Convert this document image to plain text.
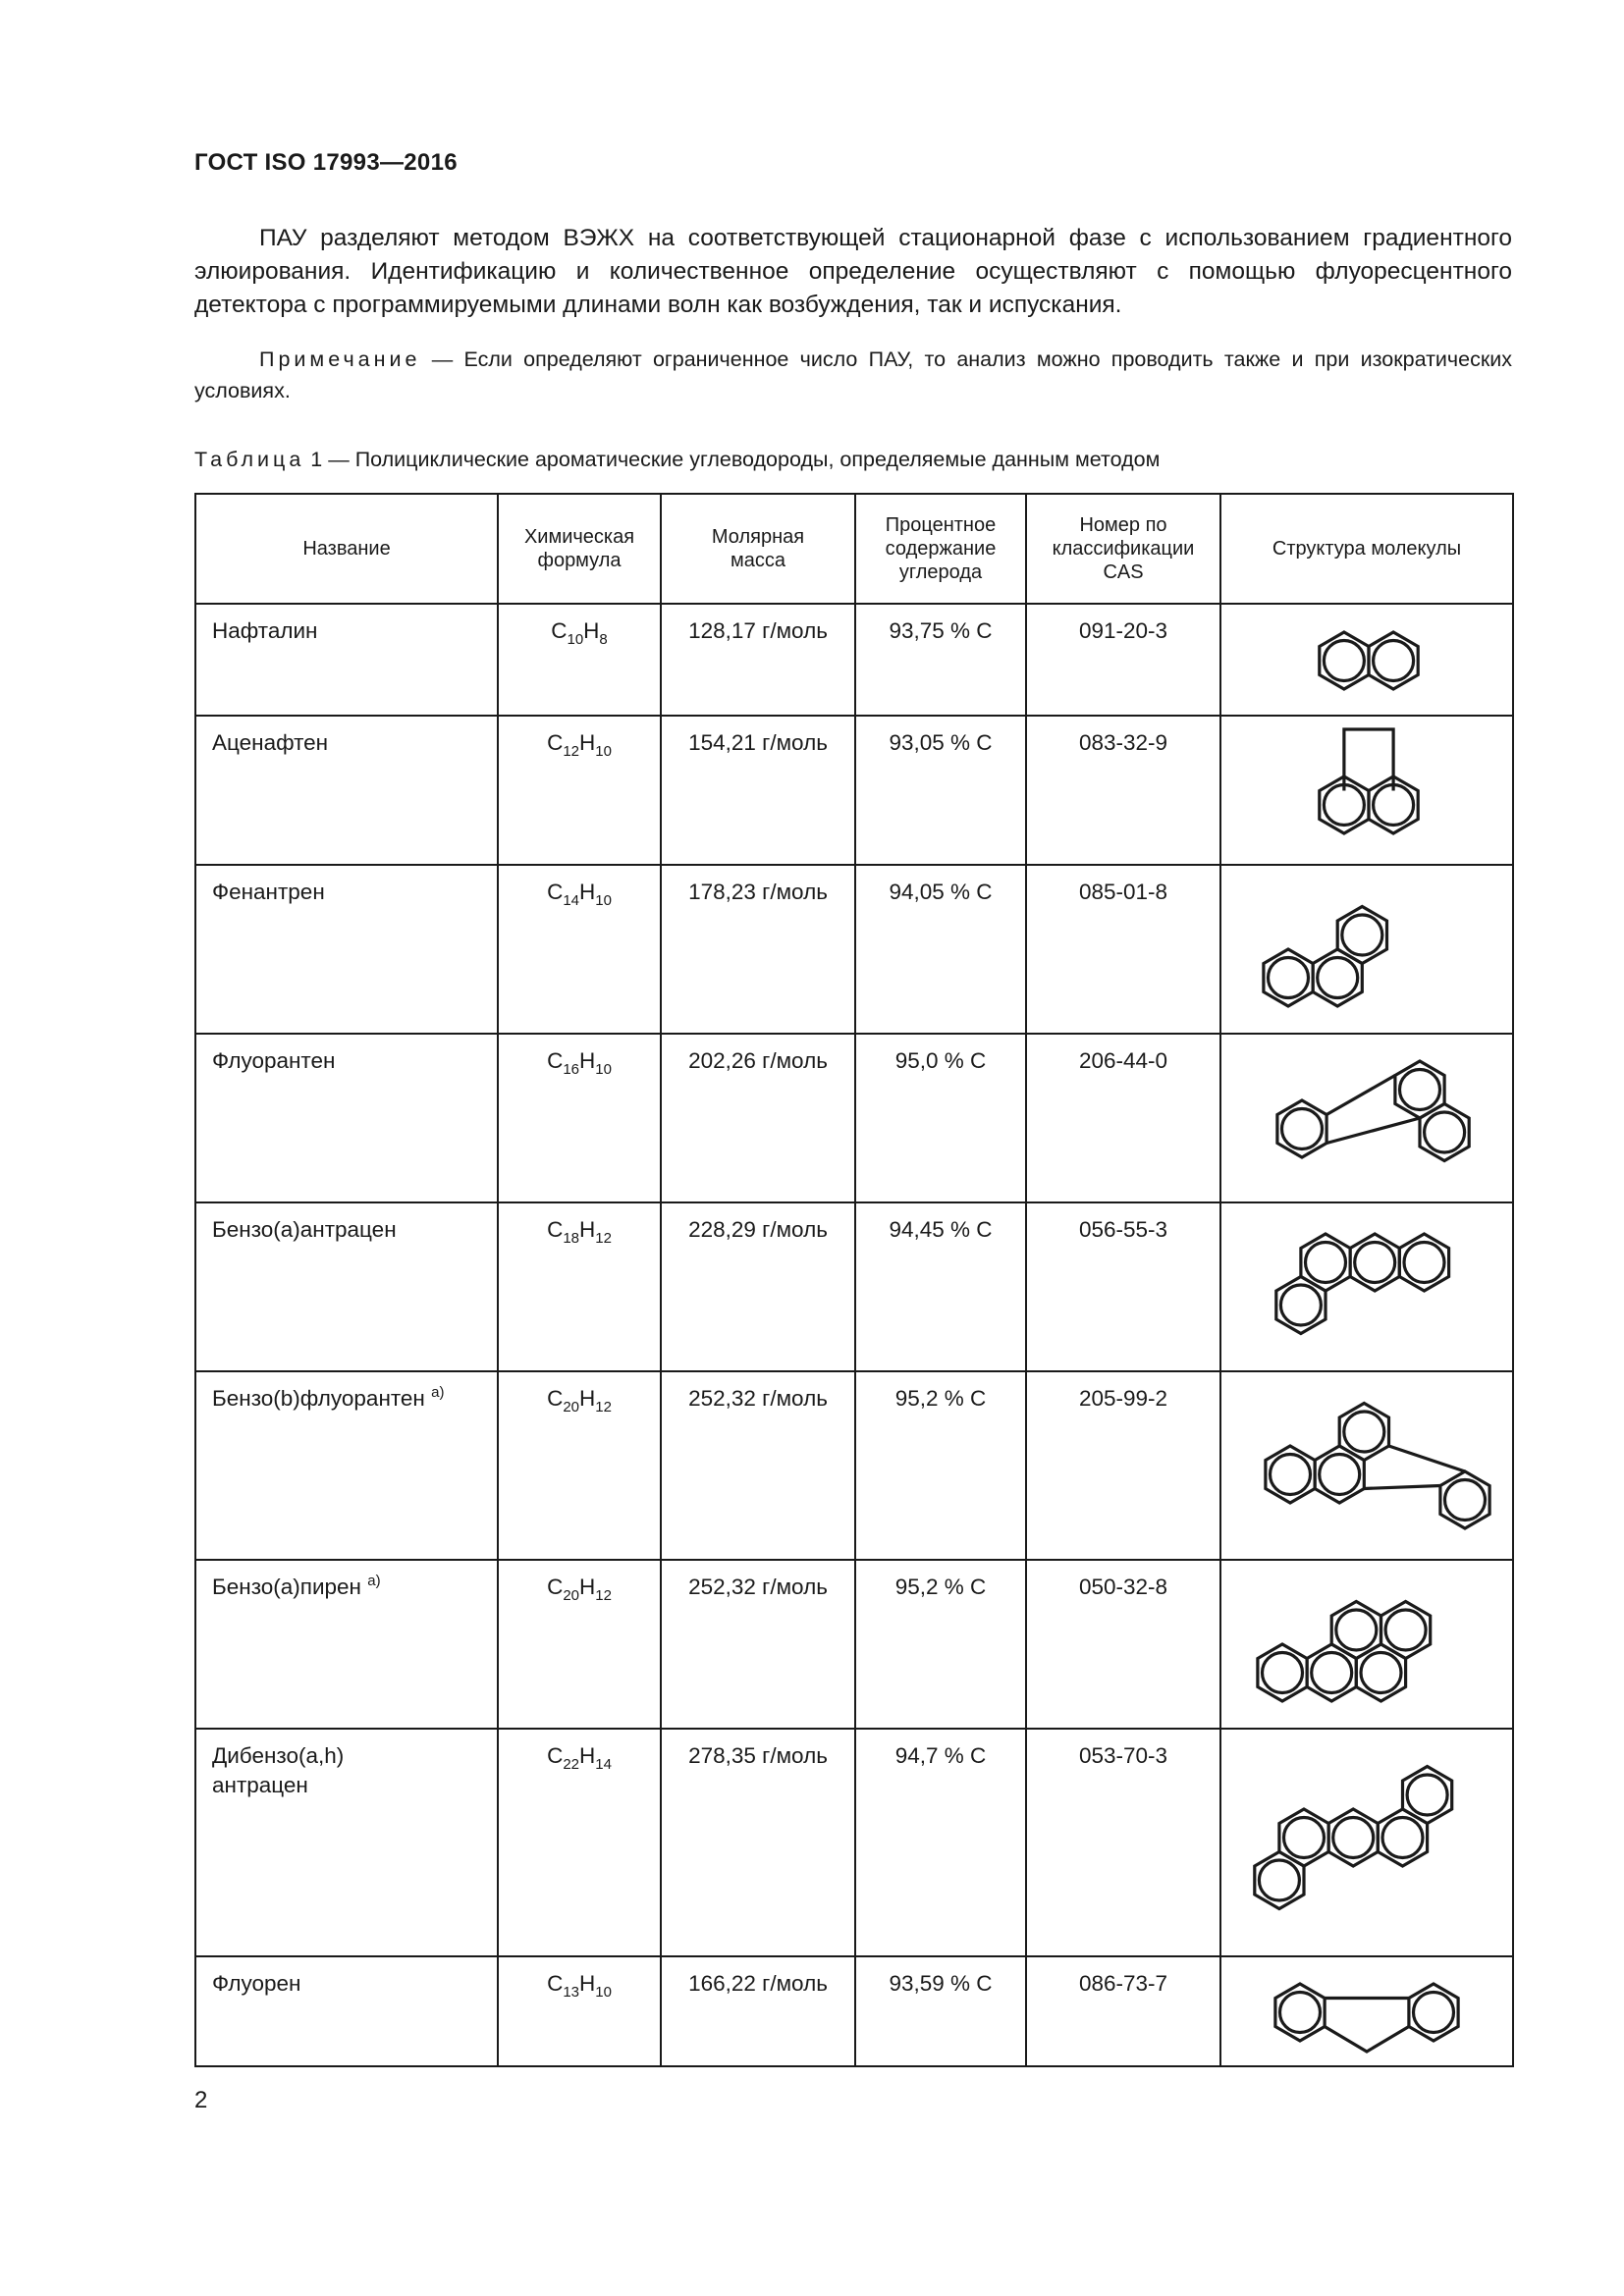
ГОСТ ISO 17993—2016

ПАУ разделяют методом ВЭЖХ на соответствующей стационарной фазе с использованием градиентного элюирования. Идентификацию и количественное определение осуществляют с помощью флуоресцентного детектора с программируемыми длинами волн как возбуждения, так и испускания.

Примечание — Если определяют ограниченное число ПАУ, то анализ можно проводить также и при изократических условиях.

Таблица 1 — Полициклические ароматические углеводороды, определяемые данным методом
Название	Химическая формула	Молярная масса	Процентное содержание углерода	Номер по классификации CAS	Структура молекулы
Нафталин	$C_{10}H_8$	128,17 г/моль	93,75 % C	091-20-3	

Аценафтен	$C_{12}H_{10}$	154,21 г/моль	93,05 % C	083-32-9	

Фенантрен	$C_{14}H_{10}$	178,23 г/моль	94,05 % C	085-01-8	

Флуорантен	$C_{16}H_{10}$	202,26 г/моль	95,0 % C	206-44-0	

Бензо(а)антрацен	$C_{18}H_{12}$	228,29 г/моль	94,45 % C	056-55-3	

Бензо(b)флуорантен $^{a)}$	$C_{20}H_{12}$	252,32 г/моль	95,2 % C	205-99-2	

Бензо(а)пирен $^{a)}$	$C_{20}H_{12}$	252,32 г/моль	95,2 % C	050-32-8	

Дибензо(a,h) антрацен	$C_{22}H_{14}$	278,35 г/моль	94,7 % C	053-70-3	

Флуорен	$C_{13}H_{10}$	166,22 г/моль	93,59 % C	086-73-7	
2
